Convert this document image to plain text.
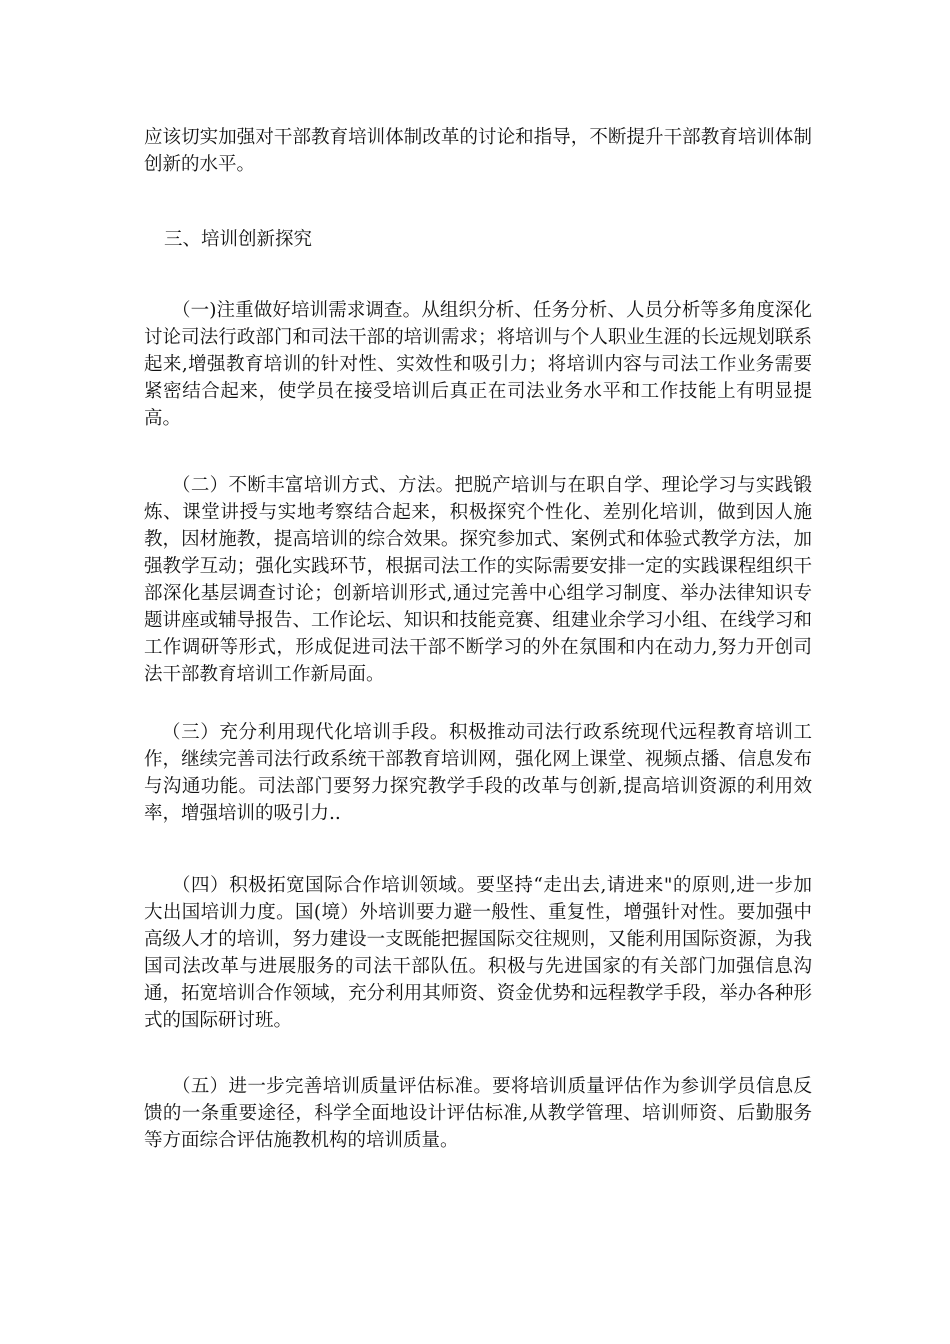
应该切实加强对干部教育培训体制改革的讨论和指导，不断提升干部教育培训体制创新的水平。

三、培训创新探究

（一)注重做好培训需求调查。从组织分析、任务分析、人员分析等多角度深化讨论司法行政部门和司法干部的培训需求；将培训与个人职业生涯的长远规划联系起来,增强教育培训的针对性、实效性和吸引力；将培训内容与司法工作业务需要紧密结合起来，使学员在接受培训后真正在司法业务水平和工作技能上有明显提高。

（二）不断丰富培训方式、方法。把脱产培训与在职自学、理论学习与实践锻炼、课堂讲授与实地考察结合起来，积极探究个性化、差别化培训，做到因人施教，因材施教，提高培训的综合效果。探究参加式、案例式和体验式教学方法，加强教学互动；强化实践环节，根据司法工作的实际需要安排一定的实践课程组织干部深化基层调查讨论；创新培训形式,通过完善中心组学习制度、举办法律知识专题讲座或辅导报告、工作论坛、知识和技能竞赛、组建业余学习小组、在线学习和工作调研等形式，形成促进司法干部不断学习的外在氛围和内在动力,努力开创司法干部教育培训工作新局面。

（三）充分利用现代化培训手段。积极推动司法行政系统现代远程教育培训工作，继续完善司法行政系统干部教育培训网，强化网上课堂、视频点播、信息发布与沟通功能。司法部门要努力探究教学手段的改革与创新,提高培训资源的利用效率，增强培训的吸引力..

（四）积极拓宽国际合作培训领域。要坚持“走出去,请进来"的原则,进一步加大出国培训力度。国(境）外培训要力避一般性、重复性，增强针对性。要加强中高级人才的培训，努力建设一支既能把握国际交往规则，又能利用国际资源，为我国司法改革与进展服务的司法干部队伍。积极与先进国家的有关部门加强信息沟通，拓宽培训合作领域，充分利用其师资、资金优势和远程教学手段，举办各种形式的国际研讨班。

（五）进一步完善培训质量评估标准。要将培训质量评估作为参训学员信息反馈的一条重要途径，科学全面地设计评估标准,从教学管理、培训师资、后勤服务等方面综合评估施教机构的培训质量。
